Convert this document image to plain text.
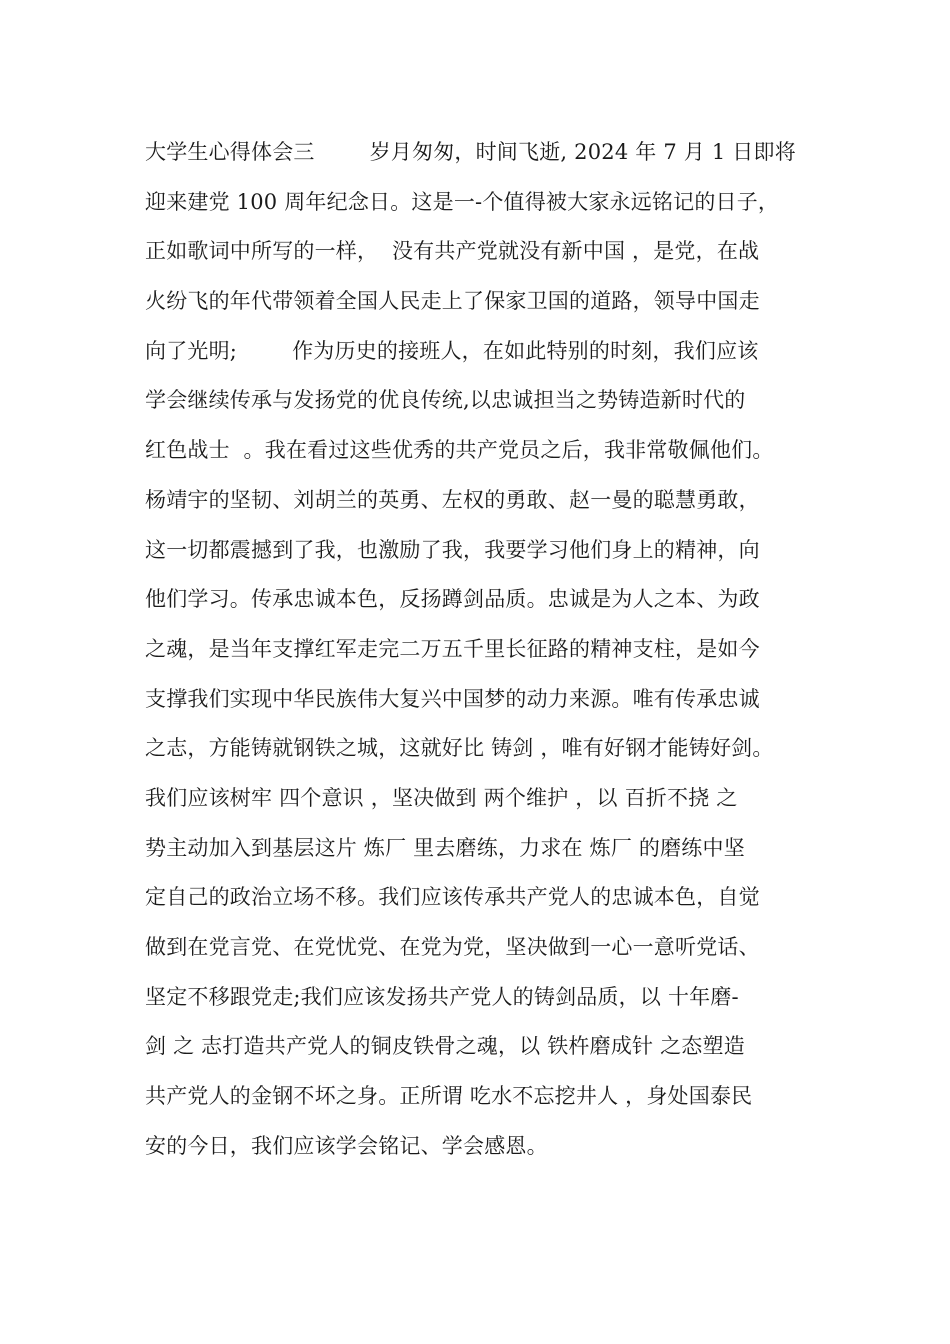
大学生心得体会三        岁月匆匆，时间飞逝, 2024 年 7 月 1 日即将
迎来建党 100 周年纪念日。这是一-个值得被大家永远铭记的日子，
正如歌词中所写的一样，  没有共产党就没有新中国 ，是党，在战
火纷飞的年代带领着全国人民走上了保家卫国的道路，领导中国走
向了光明;        作为历史的接班人，在如此特别的时刻，我们应该
学会继续传承与发扬党的优良传统,以忠诚担当之势铸造新时代的
红色战士  。我在看过这些优秀的共产党员之后，我非常敬佩他们。
杨靖宇的坚韧、刘胡兰的英勇、左权的勇敢、赵一曼的聪慧勇敢，
这一切都震撼到了我，也激励了我，我要学习他们身上的精神，向
他们学习。传承忠诚本色，反扬蹲剑品质。忠诚是为人之本、为政
之魂，是当年支撑红军走完二万五千里长征路的精神支柱，是如今
支撑我们实现中华民族伟大复兴中国梦的动力来源。唯有传承忠诚
之志，方能铸就钢铁之城，这就好比 铸剑 ，唯有好钢才能铸好剑。
我们应该树牢 四个意识 ，坚决做到 两个维护 ，以 百折不挠 之
势主动加入到基层这片 炼厂 里去磨练，力求在 炼厂 的磨练中坚
定自己的政治立场不移。我们应该传承共产党人的忠诚本色，自觉
做到在党言党、在党忧党、在党为党，坚决做到一心一意听党话、
坚定不移跟党走;我们应该发扬共产党人的铸剑品质，以 十年磨-
剑 之 志打造共产党人的铜皮铁骨之魂，以 铁杵磨成针 之态塑造
共产党人的金钢不坏之身。正所谓 吃水不忘挖井人 ，身处国泰民
安的今日，我们应该学会铭记、学会感恩。
